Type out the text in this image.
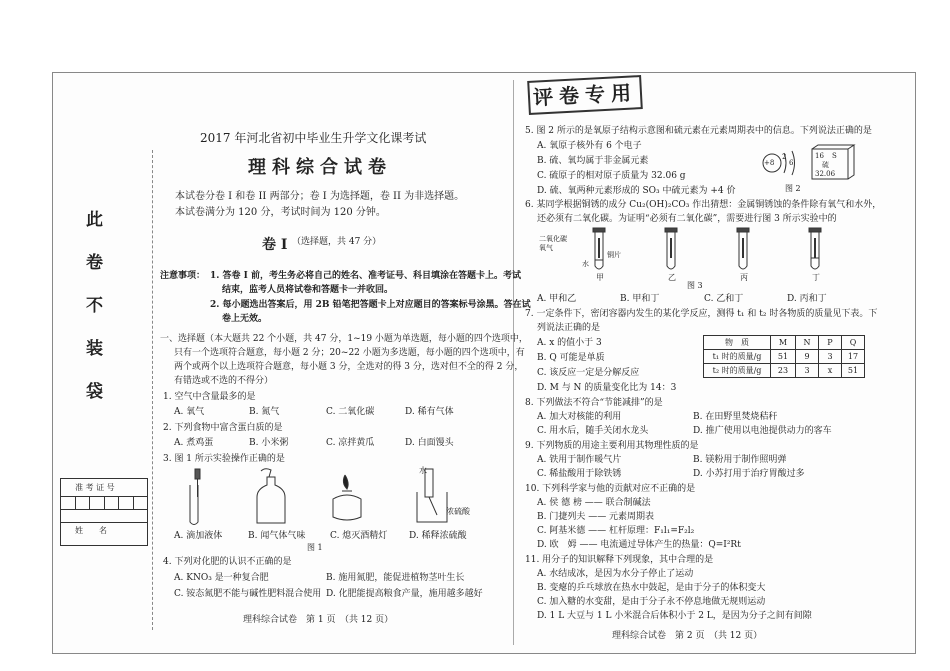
此
卷
不
装
袋
准 考 证 号
姓　　名
2017 年河北省初中毕业生升学文化课考试
理科综合试卷
本试卷分卷 I 和卷 II 两部分；卷 I 为选择题，卷 II 为非选择题。
本试卷满分为 120 分，考试时间为 120 分钟。
卷 I （选择题，共 47 分）
注意事项： 1. 答卷 I 前，考生务必将自己的姓名、准考证号、科目填涂在答题卡上。考试
结束，监考人员将试卷和答题卡一并收回。
2. 每小题选出答案后，用 2B 铅笔把答题卡上对应题目的答案标号涂黑。答在试
卷上无效。
一、选择题（本大题共 22 个小题，共 47 分，1~19 小题为单选题，每小题的四个选项中，
只有一个选项符合题意，每小题 2 分；20~22 小题为多选题，每小题的四个选项中，有
两个或两个以上选项符合题意，每小题 3 分，全选对的得 3 分，选对但不全的得 2 分，
有错选或不选的不得分）
1. 空气中含量最多的是
A. 氧气	B. 氮气	C. 二氧化碳	D. 稀有气体
2. 下列食物中富含蛋白质的是
A. 煮鸡蛋	B. 小米粥	C. 凉拌黄瓜	D. 白面馒头
3. 图 1 所示实验操作正确的是
水
浓硫酸
A. 滴加液体	B. 闻气体气味	C. 熄灭酒精灯 D. 稀释浓硫酸
图 1
4. 下列对化肥的认识不正确的是
A. KNO₃ 是一种复合肥	B. 施用氮肥，能促进植物茎叶生长
C. 铵态氮肥不能与碱性肥料混合使用 D. 化肥能提高粮食产量，施用越多越好
理科综合试卷　第 1 页　（共 12 页）
评卷专用
5. 图 2 所示的是氧原子结构示意图和硫元素在元素周期表中的信息。下列说法正确的是
A. 氧原子核外有 6 个电子
B. 硫、氧均属于非金属元素
C. 硫原子的相对原子质量为 32.06 g
D. 硫、氧两种元素形成的 SO₃ 中硫元素为 +4 价
+8
2
6
16 S
硫
32.06
图 2
6. 某同学根据铜锈的成分 Cu₂(OH)₂CO₃ 作出猜想：金属铜锈蚀的条件除有氧气和水外，
还必须有二氧化碳。为证明“必须有二氧化碳”，需要进行图 3 所示实验中的
二氧化碳
氧气
铜片
水
甲	乙	丙	丁
图 3
A. 甲和乙	B. 甲和丁	C. 乙和丁	D. 丙和丁
7. 一定条件下，密闭容器内发生的某化学反应，测得 t₁ 和 t₂ 时各物质的质量见下表。下
列说法正确的是
A. x 的值小于 3
B. Q 可能是单质
C. 该反应一定是分解反应
D. M 与 N 的质量变化比为 14：3
物　质	M	N	P	Q
t₁ 时的质量/g	51	9	3	17
t₂ 时的质量/g	23	3	x	51
8. 下列做法不符合“节能减排”的是
A. 加大对核能的利用	B. 在田野里焚烧秸秆
C. 用水后，随手关闭水龙头	D. 推广使用以电池提供动力的客车
9. 下列物质的用途主要利用其物理性质的是
A. 铁用于制作暖气片	B. 镁粉用于制作照明弹
C. 稀盐酸用于除铁锈	D. 小苏打用于治疗胃酸过多
10. 下列科学家与他的贡献对应不正确的是
A. 侯 德 榜 —— 联合制碱法
B. 门捷列夫 —— 元素周期表
C. 阿基米德 —— 杠杆原理：F₁l₁=F₂l₂
D. 欧　姆 —— 电流通过导体产生的热量：Q=I²Rt
11. 用分子的知识解释下列现象，其中合理的是
A. 水结成冰，是因为水分子停止了运动
B. 变瘪的乒乓球放在热水中鼓起，是由于分子的体积变大
C. 加入糖的水变甜，是由于分子永不停息地做无规则运动
D. 1 L 大豆与 1 L 小米混合后体积小于 2 L，是因为分子之间有间隙
理科综合试卷　第 2 页　（共 12 页）
